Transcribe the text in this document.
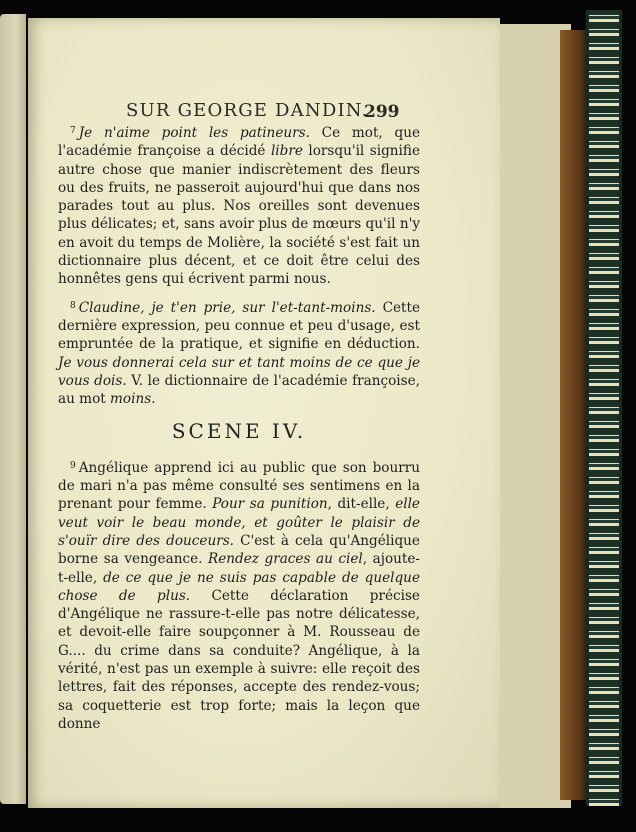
SUR GEORGE DANDIN.
299

$^7$ Je n'aime point les patineurs. Ce mot, que l'académie françoise a décidé libre lorsqu'il signifie autre chose que manier indiscrètement des fleurs ou des fruits, ne passeroit aujourd'hui que dans nos parades tout au plus. Nos oreilles sont devenues plus délicates; et, sans avoir plus de mœurs qu'il n'y en avoit du temps de Molière, la société s'est fait un dictionnaire plus décent, et ce doit être celui des honnêtes gens qui écrivent parmi nous.

$^8$ Claudine, je t'en prie, sur l'et-tant-moins. Cette dernière expression, peu connue et peu d'usage, est empruntée de la pratique, et signifie en déduction. Je vous donnerai cela sur et tant moins de ce que je vous dois. V. le dictionnaire de l'académie françoise, au mot moins.

SCENE IV.

$^9$ Angélique apprend ici au public que son bourru de mari n'a pas même consulté ses sentimens en la prenant pour femme. Pour sa punition, dit-elle, elle veut voir le beau monde, et goûter le plaisir de s'ouïr dire des douceurs. C'est à cela qu'Angélique borne sa vengeance. Rendez graces au ciel, ajoute-t-elle, de ce que je ne suis pas capable de quelque chose de plus. Cette déclaration précise d'Angélique ne rassure-t-elle pas notre délicatesse, et devoit-elle faire soupçonner à M. Rousseau de G.... du crime dans sa conduite? Angélique, à la vérité, n'est pas un exemple à suivre: elle reçoit des lettres, fait des réponses, accepte des rendez-vous; sa coquetterie est trop forte; mais la leçon que donne
